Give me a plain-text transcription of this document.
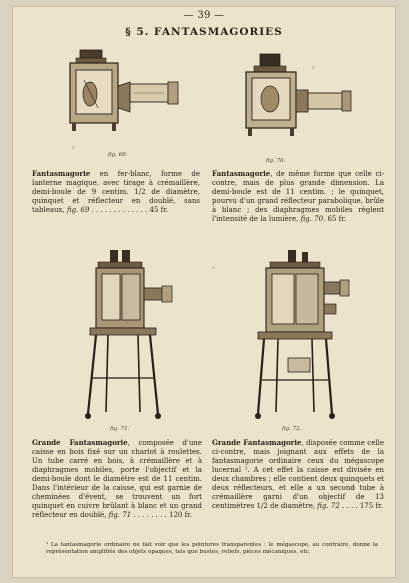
— 39 —
§ 5. FANTASMAGORIES
fig. 69.
fig. 70.

Fantasmagorie en fer-blanc, forme de lanterne magique, avec tirage à crémaillère, demi-boule de 9 centim. 1/2 de diamètre, quinquet et réflecteur en doublé, sans tableaux, fig. 69 . . . . . . . . . . . . . 45 fr.

Fantasmagorie, de même forme que celle ci-contre, mais de plus grande dimension. La demi-boule est de 11 centim. ; le quinquet, pourvu d'un grand réflecteur parabolique, brûle à blanc ; des diaphragmes mobiles règlent l'intensité de la lumière, fig. 70. 65 fr.

fig. 71.	fig. 72.

Grande Fantasmagorie, composée d'une caisse en bois fixé sur un chariot à roulettes. Un tube carré en bois, à crémaillère et à diaphragmes mobiles, porte l'objectif et la demi-boule dont le diamètre est de 11 centim. Dans l'intérieur de la caisse, qui est garnie de cheminées d'évent, se trouvent un fort quinquet en cuivre brûlant à blanc et un grand réflecteur en doublé, fig. 71 . . . . . . . . 120 fr.

Grande Fantasmagorie, disposée comme celle ci-contre, mais joignant aux effets de la fantasmagorie ordinaire ceux du mégascope lucernal ¹. A cet effet la caisse est divisée en deux chambres ; elle contient deux quinquets et deux réflecteurs, et elle a un second tube à crémaillère garni d'un objectif de 13 centimètres 1/2 de diamètre, fig. 72 . . . . 175 fr.

¹ La fantasmagorie ordinaire ne fait voir que les peintures transparentes : le mégascope, au contraire, donne la représentation amplifiée des objets opaques, tels que bustes, reliefs, pièces mécaniques, etc.
